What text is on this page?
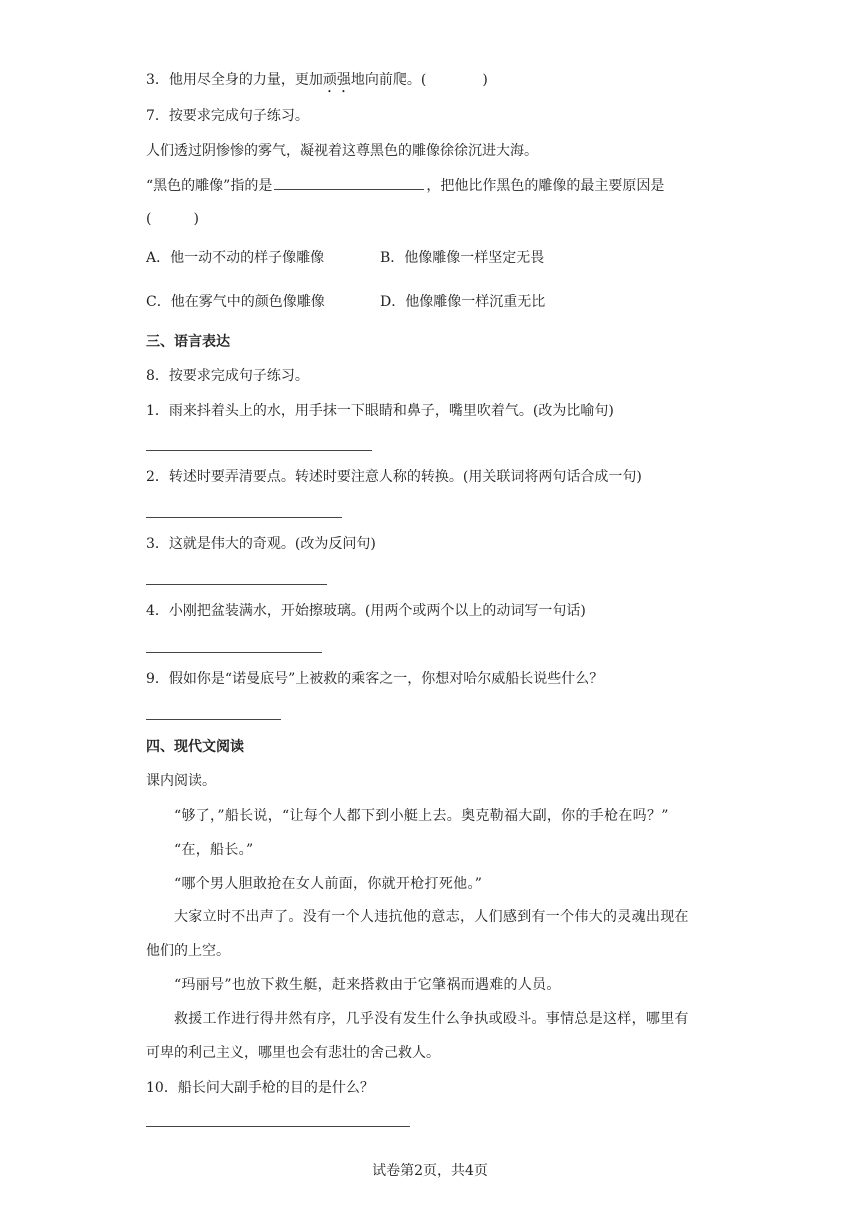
3．他用尽全身的力量，更加顽强地向前爬。(　　　　)
7．按要求完成句子练习。
人们透过阴惨惨的雾气，凝视着这尊黑色的雕像徐徐沉进大海。
“黑色的雕像”指的是	，把他比作黑色的雕像的最主要原因是
(　　　)
A．他一动不动的样子像雕像	B．他像雕像一样坚定无畏
C．他在雾气中的颜色像雕像	D．他像雕像一样沉重无比
三、语言表达
8．按要求完成句子练习。
1．雨来抖着头上的水，用手抹一下眼睛和鼻子，嘴里吹着气。(改为比喻句)
2．转述时要弄清要点。转述时要注意人称的转换。(用关联词将两句话合成一句)
3．这就是伟大的奇观。(改为反问句)
4．小刚把盆装满水，开始擦玻璃。(用两个或两个以上的动词写一句话)
9．假如你是“诺曼底号”上被救的乘客之一，你想对哈尔威船长说些什么？
四、现代文阅读
课内阅读。
“够了，”船长说，“让每个人都下到小艇上去。奥克勒福大副，你的手枪在吗？”
“在，船长。”
“哪个男人胆敢抢在女人前面，你就开枪打死他。”
大家立时不出声了。没有一个人违抗他的意志，人们感到有一个伟大的灵魂出现在
他们的上空。
“玛丽号”也放下救生艇，赶来搭救由于它肇祸而遇难的人员。
救援工作进行得井然有序，几乎没有发生什么争执或殴斗。事情总是这样，哪里有
可卑的利己主义，哪里也会有悲壮的舍己救人。
10．船长问大副手枪的目的是什么？
试卷第2页，共4页
